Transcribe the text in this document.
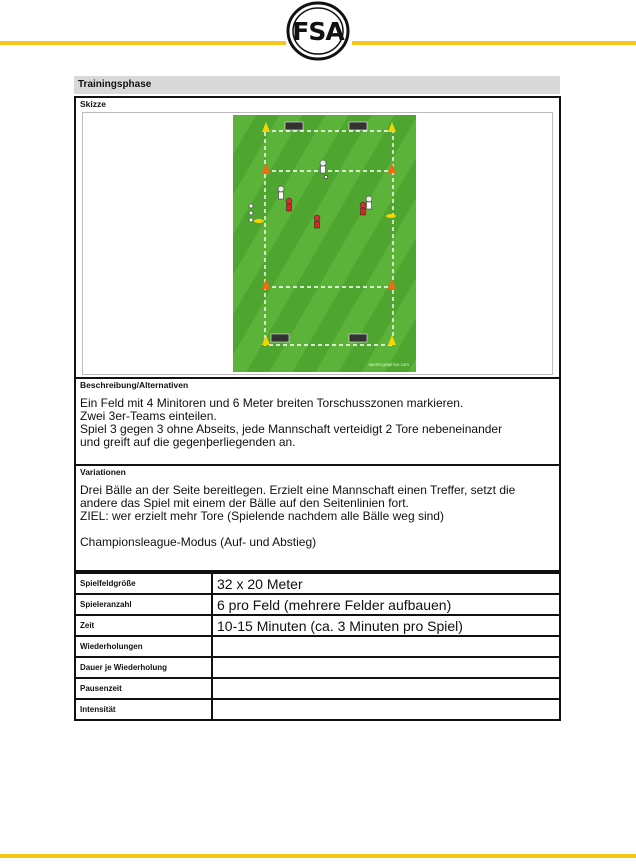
FSA
Trainingsphase
Skizze
sports-graphics.com
Beschreibung/Alternativen
Ein Feld mit 4 Minitoren und 6 Meter breiten Torschusszonen markieren.
Zwei 3er-Teams einteilen.
Spiel 3 gegen 3 ohne Abseits, jede Mannschaft verteidigt 2 Tore nebeneinander
und greift auf die gegenþerliegenden an.
Variationen
Drei Bälle an der Seite bereitlegen. Erzielt eine Mannschaft einen Treffer, setzt die
andere das Spiel mit einem der Bälle auf den Seitenlinien fort.
ZIEL: wer erzielt mehr Tore (Spielende nachdem alle Bälle weg sind)
Championsleague-Modus (Auf- und Abstieg)
Spielfeldgröße	32 x 20 Meter
Spieleranzahl	6 pro Feld (mehrere Felder aufbauen)
Zeit	10-15 Minuten (ca. 3 Minuten pro Spiel)
Wiederholungen	
Dauer je Wiederholung	
Pausenzeit	
Intensität	
